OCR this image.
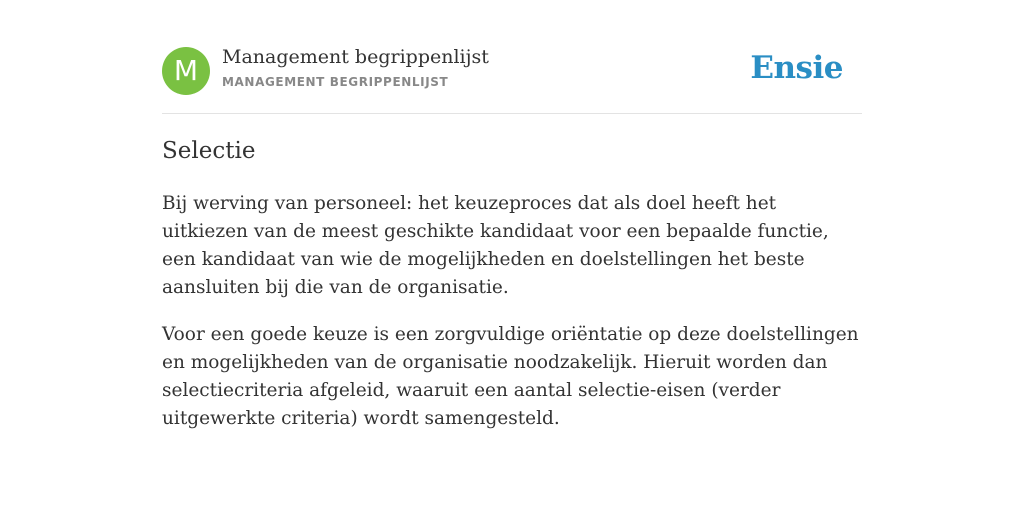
M	Management begrippenlijst
MANAGEMENT BEGRIPPENLIJST	Ensie
Selectie

Bij werving van personeel: het keuzeproces dat als doel heeft het uitkiezen van de meest geschikte kandidaat voor een bepaalde functie, een kandidaat van wie de mogelijkheden en doelstellingen het beste aansluiten bij die van de organisatie.

Voor een goede keuze is een zorgvuldige oriëntatie op deze doelstellingen en mogelijkheden van de organisatie noodzakelijk. Hieruit worden dan selectiecriteria afgeleid, waaruit een aantal selectie-eisen (verder uitgewerkte criteria) wordt samengesteld.
